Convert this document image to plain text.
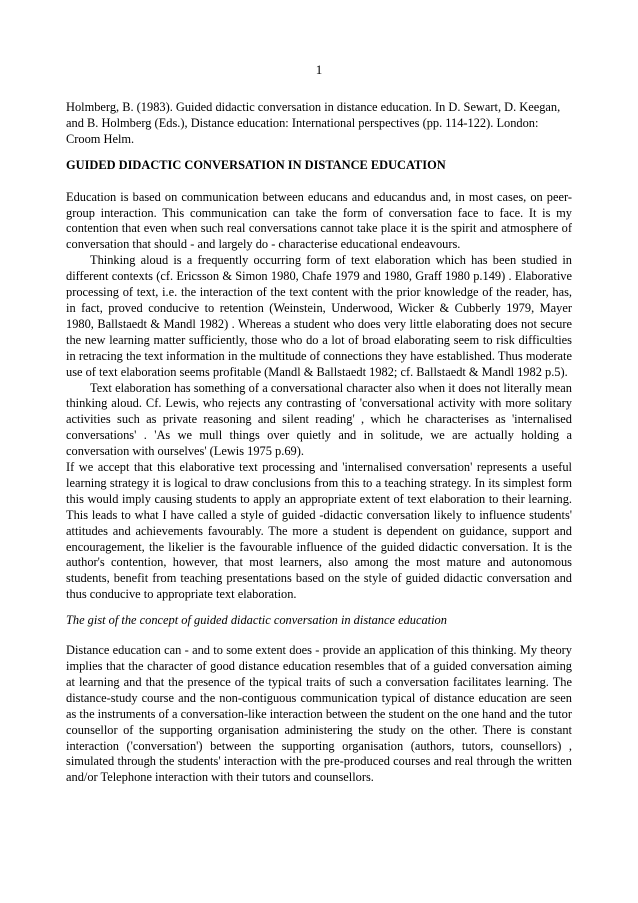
1

Holmberg, B. (1983). Guided didactic conversation in distance education. In D. Sewart, D. Keegan, and B. Holmberg (Eds.), Distance education: International perspectives (pp. 114-122). London: Croom Helm.

GUIDED DIDACTIC CONVERSATION IN DISTANCE EDUCATION

Education is based on communication between educans and educandus and, in most cases, on peer-group interaction. This communication can take the form of conversation face to face. It is my contention that even when such real conversations cannot take place it is the spirit and atmosphere of conversation that should - and largely do - characterise educational endeavours.

Thinking aloud is a frequently occurring form of text elaboration which has been studied in different contexts (cf. Ericsson & Simon 1980, Chafe 1979 and 1980, Graff 1980 p.149) . Elaborative processing of text, i.e. the interaction of the text content with the prior knowledge of the reader, has, in fact, proved conducive to retention (Weinstein, Underwood, Wicker & Cubberly 1979, Mayer 1980, Ballstaedt & Mandl 1982) . Whereas a student who does very little elaborating does not secure the new learning matter sufficiently, those who do a lot of broad elaborating seem to risk difficulties in retracing the text information in the multitude of connections they have established. Thus moderate use of text elaboration seems profitable (Mandl & Ballstaedt 1982; cf. Ballstaedt & Mandl 1982 p.5).

Text elaboration has something of a conversational character also when it does not literally mean thinking aloud. Cf. Lewis, who rejects any contrasting of 'conversational activity with more solitary activities such as private reasoning and silent reading' , which he characterises as 'internalised conversations' . 'As we mull things over quietly and in solitude, we are actually holding a conversation with ourselves' (Lewis 1975 p.69).

If we accept that this elaborative text processing and 'internalised conversation' represents a useful learning strategy it is logical to draw conclusions from this to a teaching strategy. In its simplest form this would imply causing students to apply an appropriate extent of text elaboration to their learning. This leads to what I have called a style of guided -didactic conversation likely to influence students' attitudes and achievements favourably. The more a student is dependent on guidance, support and encouragement, the likelier is the favourable influence of the guided didactic conversation. It is the author's contention, however, that most learners, also among the most mature and autonomous students, benefit from teaching presentations based on the style of guided didactic conversation and thus conducive to appropriate text elaboration.

The gist of the concept of guided didactic conversation in distance education

Distance education can - and to some extent does - provide an application of this thinking. My theory implies that the character of good distance education resembles that of a guided conversation aiming at learning and that the presence of the typical traits of such a conversation facilitates learning. The distance-study course and the non-contiguous communication typical of distance education are seen as the instruments of a conversation-like interaction between the student on the one hand and the tutor counsellor of the supporting organisation administering the study on the other. There is constant interaction ('conversation') between the supporting organisation (authors, tutors, counsellors) , simulated through the students' interaction with the pre-produced courses and real through the written and/or Telephone interaction with their tutors and counsellors.
